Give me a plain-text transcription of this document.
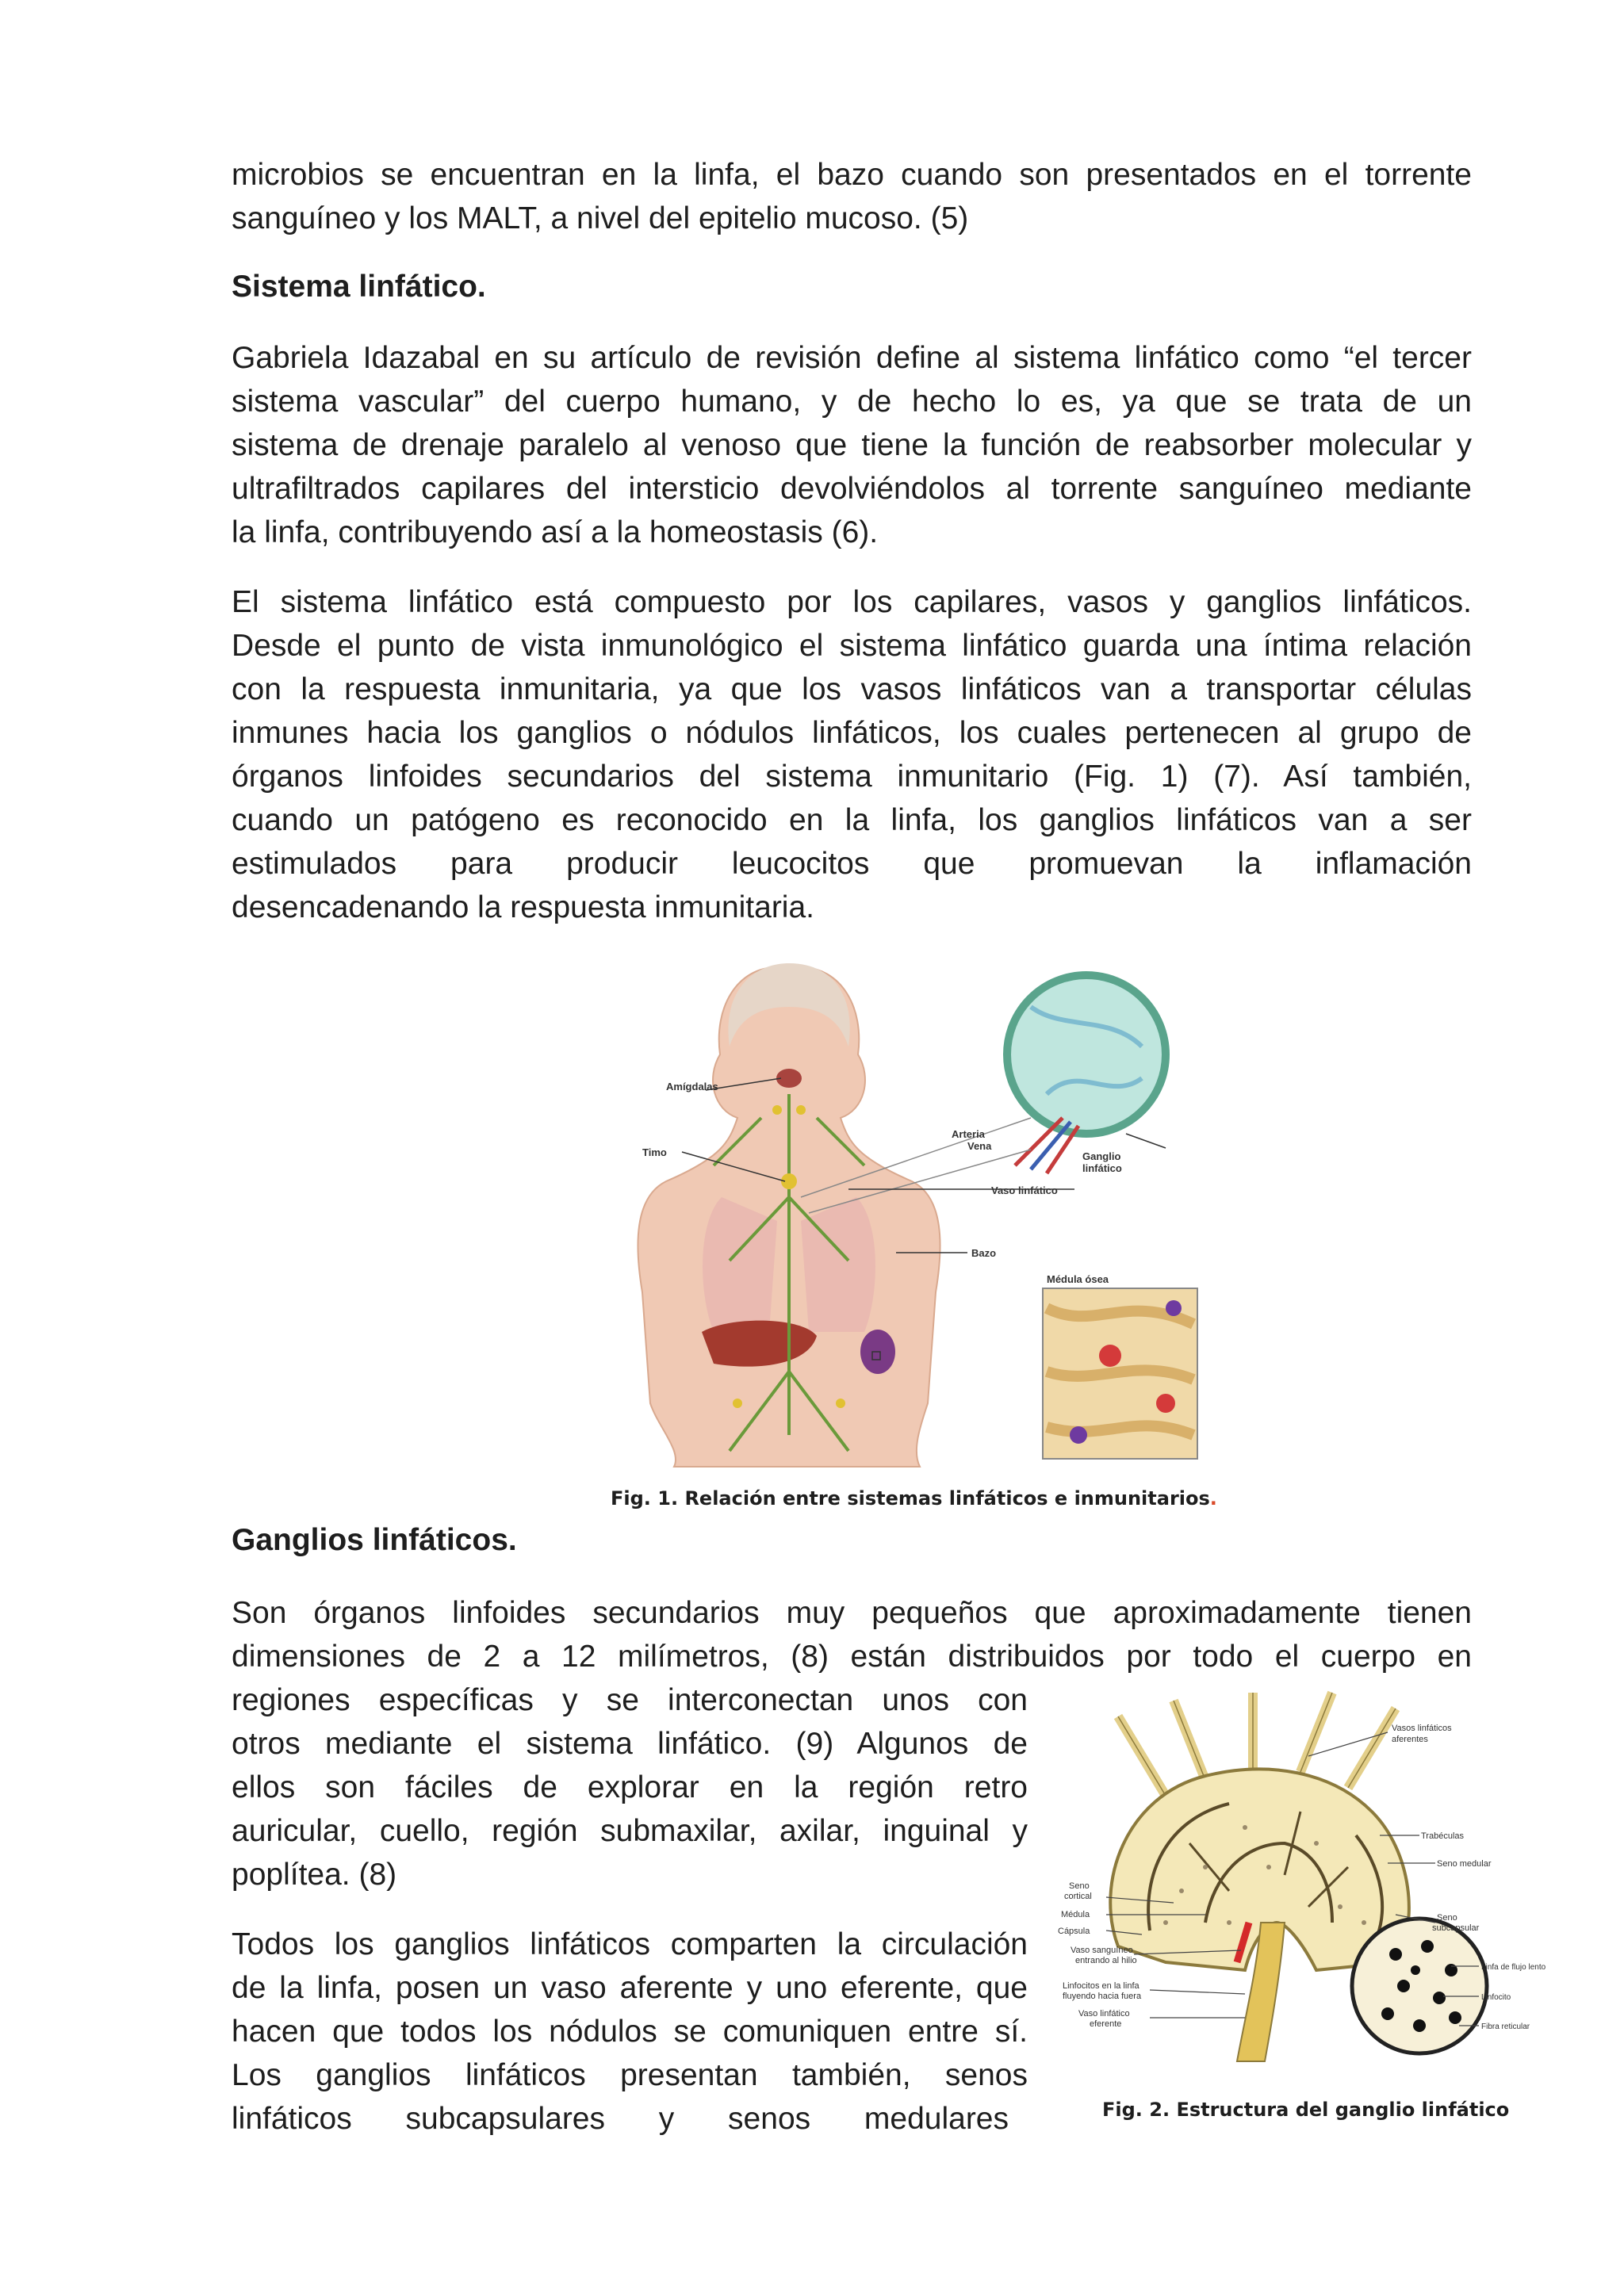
microbios se encuentran en la linfa, el bazo cuando son presentados en el torrente
sanguíneo y los MALT, a nivel del epitelio mucoso. (5)
Sistema linfático.
Gabriela Idazabal en su artículo de revisión define al sistema linfático como “el tercer
sistema vascular” del cuerpo humano, y de hecho lo es, ya que se trata de un
sistema de drenaje paralelo al venoso que tiene la función de reabsorber molecular y
ultrafiltrados capilares del intersticio devolviéndolos al torrente sanguíneo mediante
la linfa, contribuyendo así a la homeostasis (6).
El sistema linfático está compuesto por los capilares, vasos y ganglios linfáticos.
Desde el punto de vista inmunológico el sistema linfático guarda una íntima relación
con la respuesta inmunitaria, ya que los vasos linfáticos van a transportar células
inmunes hacia los ganglios o nódulos linfáticos, los cuales pertenecen al grupo de
órganos linfoides secundarios del sistema inmunitario (Fig. 1) (7). Así también,
cuando un patógeno es reconocido en la linfa, los ganglios linfáticos van a ser
estimulados para producir leucocitos que promuevan la inflamación
desencadenando la respuesta inmunitaria.
Amígdalas
Timo
Arteria
Vena
Ganglio
linfático
Vaso linfático
Bazo
Médula ósea
Fig. 1. Relación entre sistemas linfáticos e inmunitarios.
Ganglios linfáticos.
Son órganos linfoides secundarios muy pequeños que aproximadamente tienen
dimensiones de 2 a 12 milímetros, (8) están distribuidos por todo el cuerpo en
regiones específicas y se interconectan unos con
otros mediante el sistema linfático. (9) Algunos de
ellos son fáciles de explorar en la región retro
auricular, cuello, región submaxilar, axilar, inguinal y
poplítea. (8)
Todos los ganglios linfáticos comparten la circulación
de la linfa, posen un vaso aferente y uno eferente, que
hacen que todos los nódulos se comuniquen entre sí.
Los ganglios linfáticos presentan también, senos
linfáticos subcapsulares y senos medulares
Vasos linfáticos
aferentes
Trabéculas
Seno medular
Seno
cortical
Médula
Cápsula
Seno
subcapsular
Vaso sanguíneo
entrando al hilio
Linfa de flujo lento
Linfocitos en la linfa
fluyendo hacia fuera	Linfocito
Vaso linfático
eferente	Fibra reticular
Fig. 2. Estructura del ganglio linfático
